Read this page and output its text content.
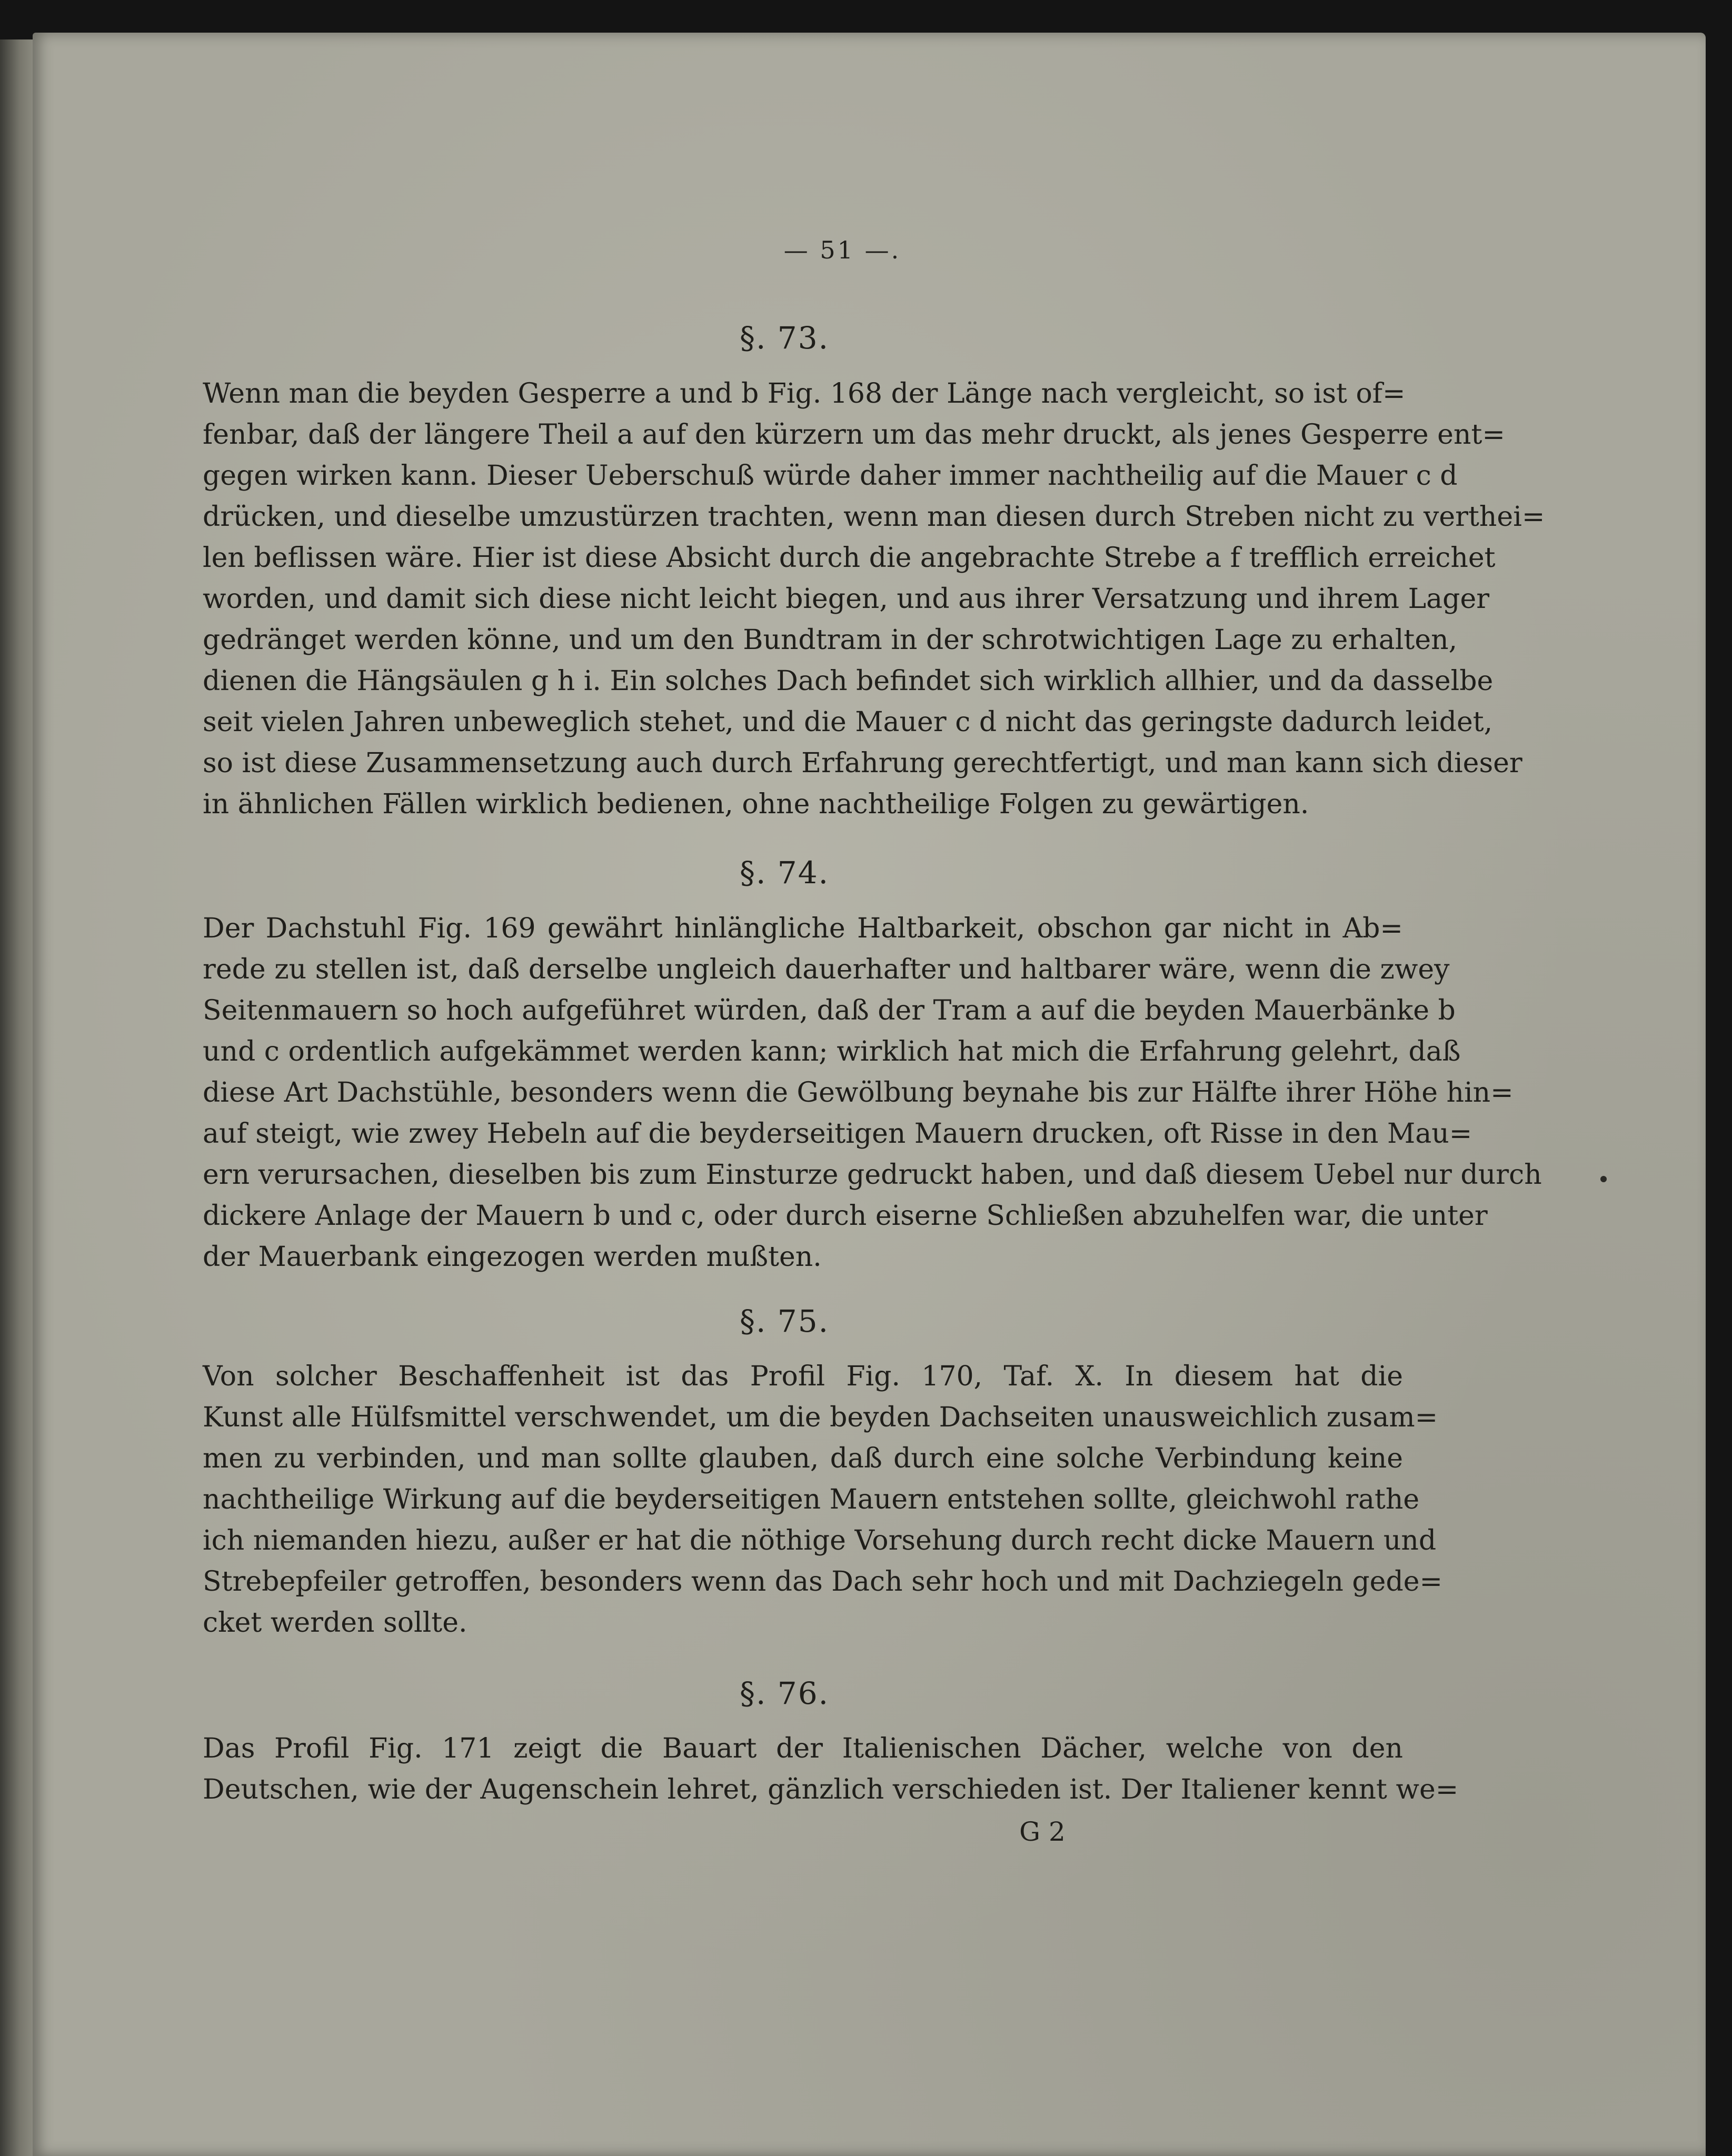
— 51 —.
§. 73.
Wenn man die beyden Gesperre a und b Fig. 168 der Länge nach vergleicht, so ist of=
fenbar, daß der längere Theil a auf den kürzern um das mehr druckt, als jenes Gesperre ent=
gegen wirken kann. Dieser Ueberschuß würde daher immer nachtheilig auf die Mauer c d
drücken, und dieselbe umzustürzen trachten, wenn man diesen durch Streben nicht zu verthei=
len beflissen wäre. Hier ist diese Absicht durch die angebrachte Strebe a f trefflich erreichet
worden, und damit sich diese nicht leicht biegen, und aus ihrer Versatzung und ihrem Lager
gedränget werden könne, und um den Bundtram in der schrotwichtigen Lage zu erhalten,
dienen die Hängsäulen g h i. Ein solches Dach befindet sich wirklich allhier, und da dasselbe
seit vielen Jahren unbeweglich stehet, und die Mauer c d nicht das geringste dadurch leidet,
so ist diese Zusammensetzung auch durch Erfahrung gerechtfertigt, und man kann sich dieser
in ähnlichen Fällen wirklich bedienen, ohne nachtheilige Folgen zu gewärtigen.
§. 74.
Der Dachstuhl Fig. 169 gewährt hinlängliche Haltbarkeit, obschon gar nicht in Ab=
rede zu stellen ist, daß derselbe ungleich dauerhafter und haltbarer wäre, wenn die zwey
Seitenmauern so hoch aufgeführet würden, daß der Tram a auf die beyden Mauerbänke b
und c ordentlich aufgekämmet werden kann; wirklich hat mich die Erfahrung gelehrt, daß
diese Art Dachstühle, besonders wenn die Gewölbung beynahe bis zur Hälfte ihrer Höhe hin=
auf steigt, wie zwey Hebeln auf die beyderseitigen Mauern drucken, oft Risse in den Mau=
ern verursachen, dieselben bis zum Einsturze gedruckt haben, und daß diesem Uebel nur durch
dickere Anlage der Mauern b und c, oder durch eiserne Schließen abzuhelfen war, die unter
der Mauerbank eingezogen werden mußten.
§. 75.
Von solcher Beschaffenheit ist das Profil Fig. 170, Taf. X. In diesem hat die
Kunst alle Hülfsmittel verschwendet, um die beyden Dachseiten unausweichlich zusam=
men zu verbinden, und man sollte glauben, daß durch eine solche Verbindung keine
nachtheilige Wirkung auf die beyderseitigen Mauern entstehen sollte, gleichwohl rathe
ich niemanden hiezu, außer er hat die nöthige Vorsehung durch recht dicke Mauern und
Strebepfeiler getroffen, besonders wenn das Dach sehr hoch und mit Dachziegeln gede=
cket werden sollte.
§. 76.
Das Profil Fig. 171 zeigt die Bauart der Italienischen Dächer, welche von den
Deutschen, wie der Augenschein lehret, gänzlich verschieden ist. Der Italiener kennt we=
G 2
